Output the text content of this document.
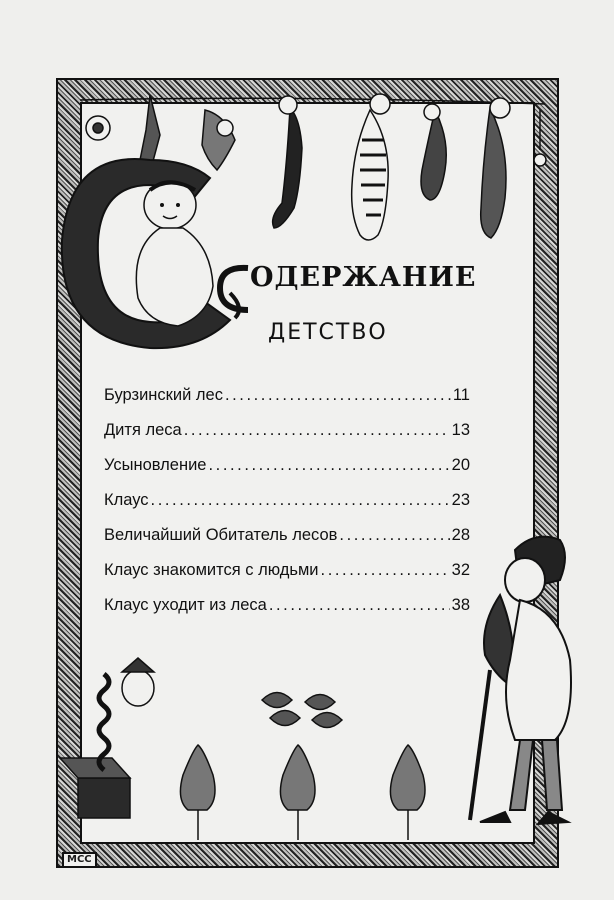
ОДЕРЖАНИЕ
ДЕТСТВО
Бурзинский лес . . .	11
Дитя леса . . .	13
Усыновление . . .	20
Клаус . . .	23
Величайший Обитатель лесов . . .	28
Клаус знакомится с людьми . . .	32
Клаус уходит из леса . . .	38
MCC
